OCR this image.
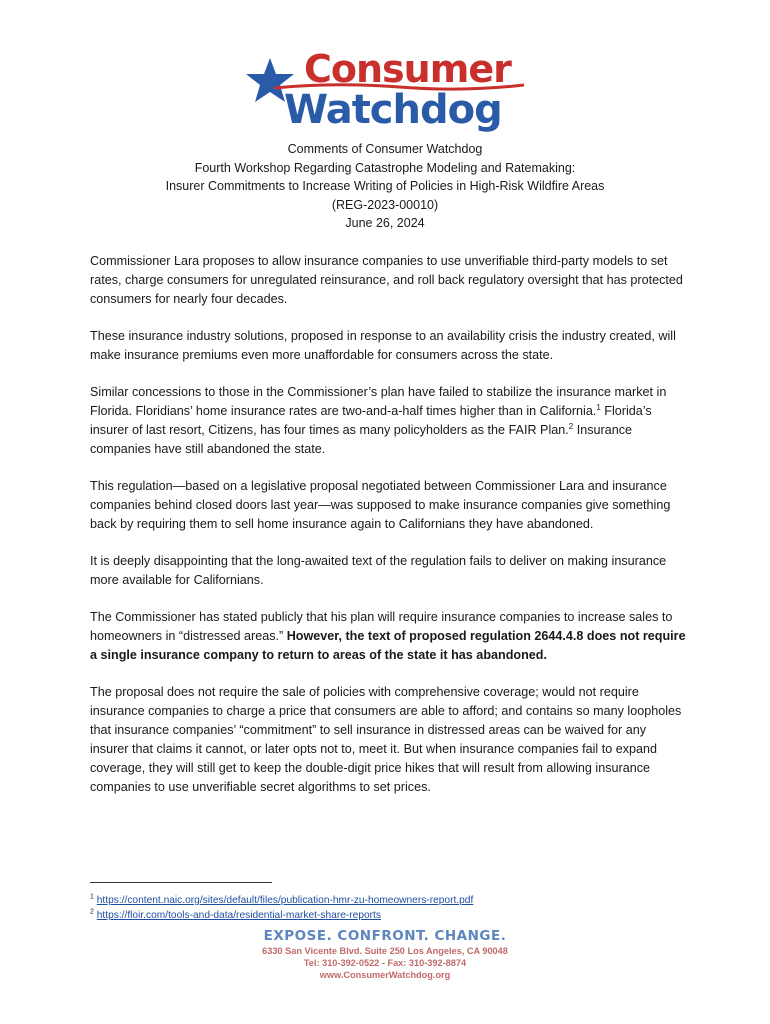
Consumer
Watchdog
Comments of Consumer Watchdog
Fourth Workshop Regarding Catastrophe Modeling and Ratemaking:
Insurer Commitments to Increase Writing of Policies in High-Risk Wildfire Areas
(REG-2023-00010)
June 26, 2024

Commissioner Lara proposes to allow insurance companies to use unverifiable third-party models to set rates, charge consumers for unregulated reinsurance, and roll back regulatory oversight that has protected consumers for nearly four decades.

These insurance industry solutions, proposed in response to an availability crisis the industry created, will make insurance premiums even more unaffordable for consumers across the state.

Similar concessions to those in the Commissioner’s plan have failed to stabilize the insurance market in Florida. Floridians’ home insurance rates are two-and-a-half times higher than in California.$^1$ Florida’s insurer of last resort, Citizens, has four times as many policyholders as the FAIR Plan.$^2$ Insurance companies have still abandoned the state.

This regulation—based on a legislative proposal negotiated between Commissioner Lara and insurance companies behind closed doors last year—was supposed to make insurance companies give something back by requiring them to sell home insurance again to Californians they have abandoned.

It is deeply disappointing that the long-awaited text of the regulation fails to deliver on making insurance more available for Californians.

The Commissioner has stated publicly that his plan will require insurance companies to increase sales to homeowners in “distressed areas.” However, the text of proposed regulation 2644.4.8 does not require a single insurance company to return to areas of the state it has abandoned.

The proposal does not require the sale of policies with comprehensive coverage; would not require insurance companies to charge a price that consumers are able to afford; and contains so many loopholes that insurance companies’ “commitment” to sell insurance in distressed areas can be waived for any insurer that claims it cannot, or later opts not to, meet it. But when insurance companies fail to expand coverage, they will still get to keep the double-digit price hikes that will result from allowing insurance companies to use unverifiable secret algorithms to set prices.

$^1$ https://content.naic.org/sites/default/files/publication-hmr-zu-homeowners-report.pdf
$^2$ https://floir.com/tools-and-data/residential-market-share-reports
EXPOSE. CONFRONT. CHANGE.
6330 San Vicente Blvd. Suite 250 Los Angeles, CA 90048
Tel: 310-392-0522 - Fax: 310-392-8874
www.ConsumerWatchdog.org
